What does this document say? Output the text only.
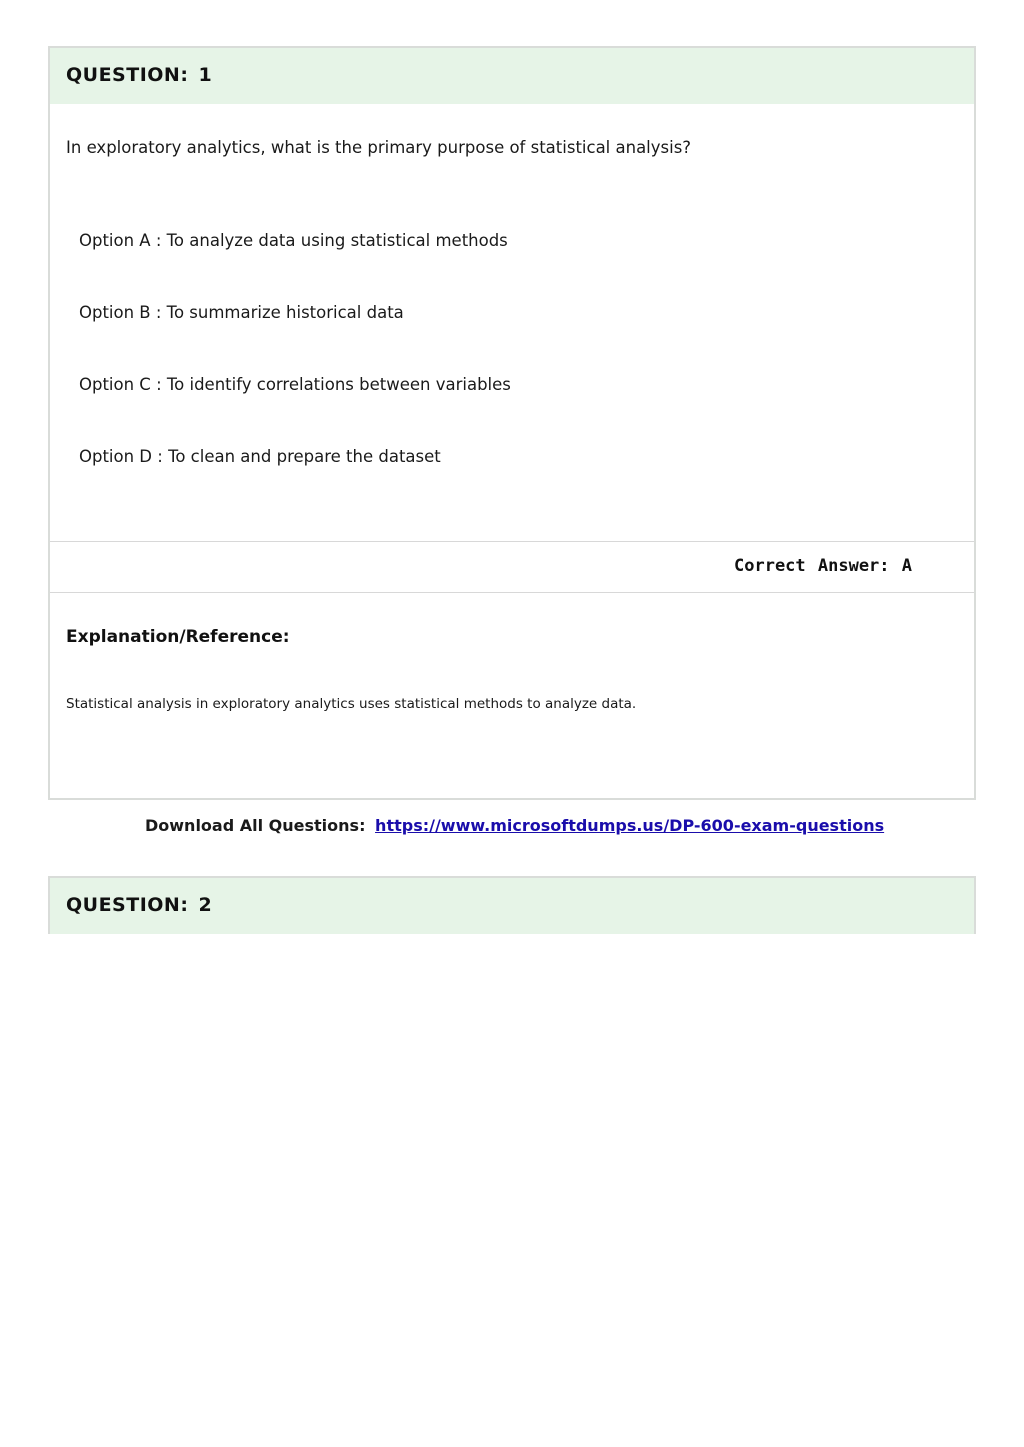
QUESTION: 1
In exploratory analytics, what is the primary purpose of statistical analysis?
Option A : To analyze data using statistical methods
Option B : To summarize historical data
Option C : To identify correlations between variables
Option D : To clean and prepare the dataset
Correct Answer: A
Explanation/Reference:
Statistical analysis in exploratory analytics uses statistical methods to analyze data.
Download All Questions: https://www.microsoftdumps.us/DP-600-exam-questions
QUESTION: 2
